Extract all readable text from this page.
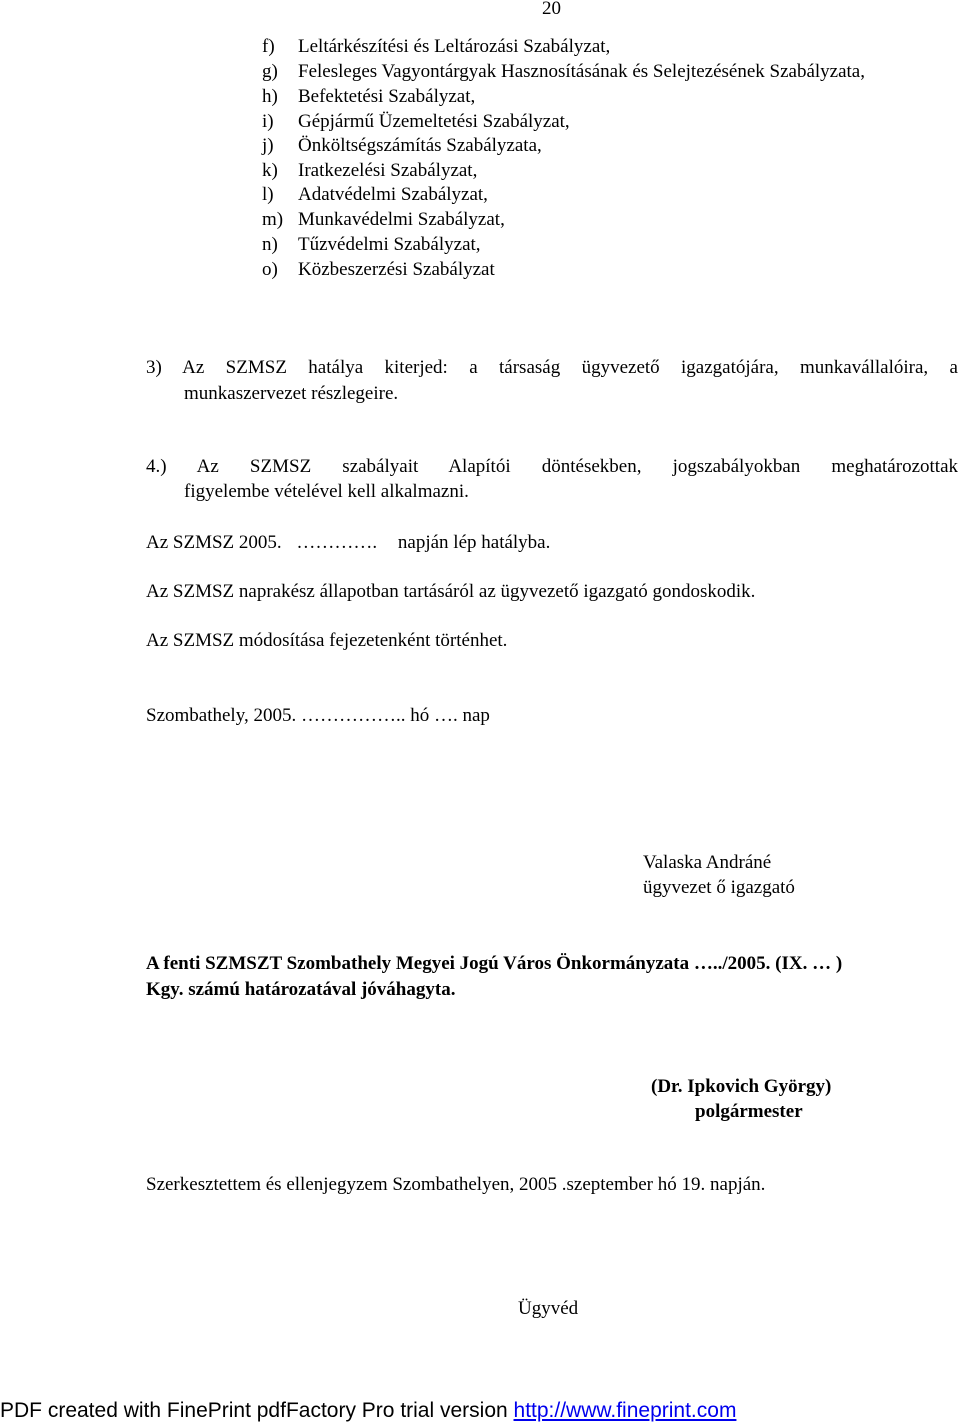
20
f) Leltárkészítési és Leltározási Szabályzat,
g) Felesleges Vagyontárgyak Hasznosításának és Selejtezésének Szabályzata,
h) Befektetési Szabályzat,
i) Gépjármű Üzemeltetési Szabályzat,
j) Önköltségszámítás Szabályzata,
k) Iratkezelési Szabályzat,
l) Adatvédelmi Szabályzat,
m) Munkavédelmi Szabályzat,
n) Tűzvédelmi Szabályzat,
o) Közbeszerzési Szabályzat
3) Az SZMSZ hatálya kiterjed: a társaság ügyvezető igazgatójára, munkavállalóira, a
munkaszervezet részlegeire.
4.) Az SZMSZ szabályait Alapítói döntésekben, jogszabályokban meghatározottak
figyelembe vételével kell alkalmazni.
Az SZMSZ 2005. …………. napján lép hatályba.
Az SZMSZ naprakész állapotban tartásáról az ügyvezető igazgató gondoskodik.
Az SZMSZ módosítása fejezetenként történhet.
Szombathely, 2005. …………….. hó …. nap
Valaska Andráné
ügyvezet ő igazgató
A fenti SZMSZT Szombathely Megyei Jogú Város Önkormányzata …../2005. (IX. … )
Kgy. számú határozatával jóváhagyta.
(Dr. Ipkovich György)
polgármester
Szerkesztettem és ellenjegyzem Szombathelyen, 2005 .szeptember hó 19. napján.
Ügyvéd
PDF created with FinePrint pdfFactory Pro trial version http://www.fineprint.com
